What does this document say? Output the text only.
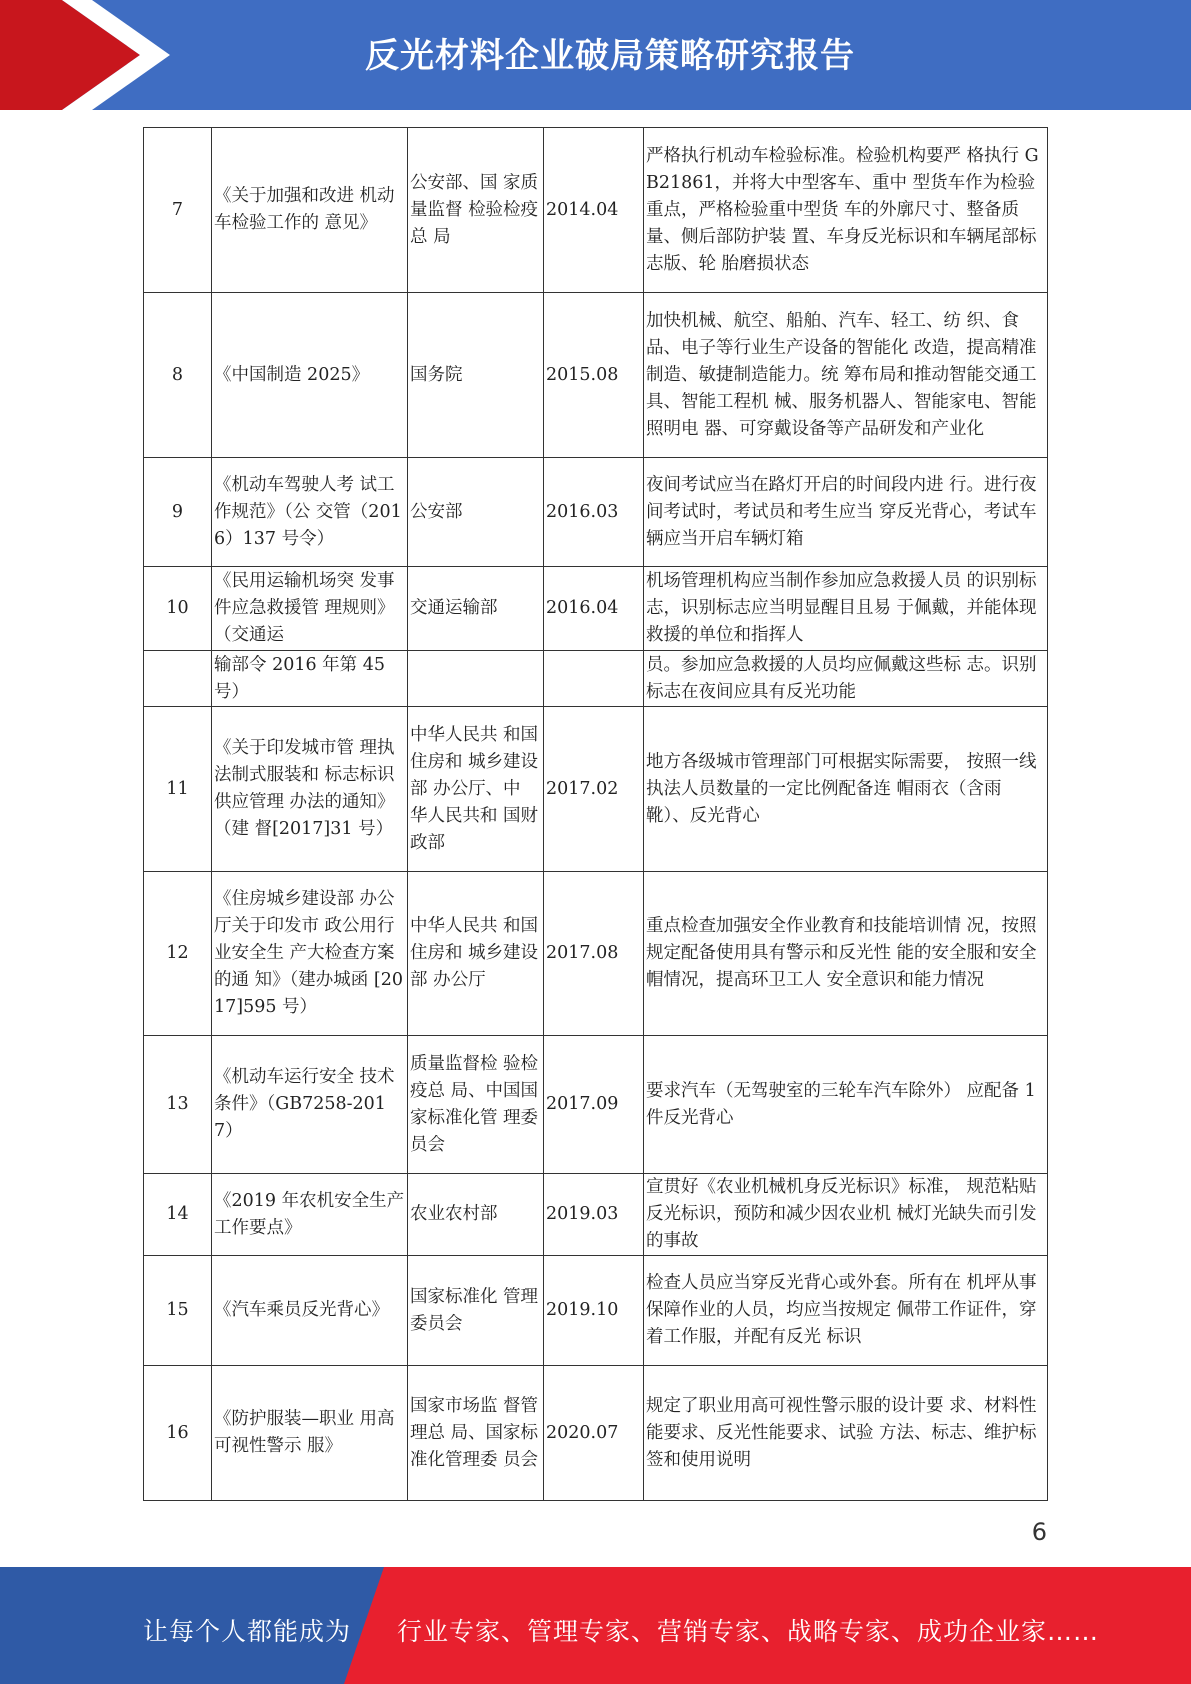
反光材料企业破局策略研究报告
7	《关于加强和改进 机动车检验工作的 意见》	公安部、国 家质量监督 检验检疫总 局	2014.04	严格执行机动车检验标准。检验机构要严 格执行 GB21861，并将大中型客车、重中 型货车作为检验重点，严格检验重中型货 车的外廓尺寸、整备质量、侧后部防护装 置、车身反光标识和车辆尾部标志版、轮 胎磨损状态
8	《中国制造 2025》	国务院	2015.08	加快机械、航空、船舶、汽车、轻工、纺 织、食品、电子等行业生产设备的智能化 改造，提高精准制造、敏捷制造能力。统 筹布局和推动智能交通工具、智能工程机 械、服务机器人、智能家电、智能照明电 器、可穿戴设备等产品研发和产业化
9	《机动车驾驶人考 试工作规范》（公 交管（2016）137 号令）	公安部	2016.03	夜间考试应当在路灯开启的时间段内进 行。进行夜间考试时，考试员和考生应当 穿反光背心，考试车辆应当开启车辆灯箱
10	《民用运输机场突 发事件应急救援管 理规则》（交通运	交通运输部	2016.04	机场管理机构应当制作参加应急救援人员 的识别标志，识别标志应当明显醒目且易 于佩戴，并能体现救援的单位和指挥人
	输部令 2016 年第 45 号）			员。参加应急救援的人员均应佩戴这些标 志。识别标志在夜间应具有反光功能
11	《关于印发城市管 理执法制式服装和 标志标识供应管理 办法的通知》（建 督[2017]31 号）	中华人民共 和国住房和 城乡建设部 办公厅、中 华人民共和 国财政部	2017.02	地方各级城市管理部门可根据实际需要， 按照一线执法人员数量的一定比例配备连 帽雨衣（含雨靴）、反光背心
12	《住房城乡建设部 办公厅关于印发市 政公用行业安全生 产大检查方案的通 知》（建办城函 [2017]595 号）	中华人民共 和国住房和 城乡建设部 办公厅	2017.08	重点检查加强安全作业教育和技能培训情 况，按照规定配备使用具有警示和反光性 能的安全服和安全帽情况，提高环卫工人 安全意识和能力情况
13	《机动车运行安全 技术条件》（GB7258-2017）	质量监督检 验检疫总 局、中国国 家标准化管 理委员会	2017.09	要求汽车（无驾驶室的三轮车汽车除外） 应配备 1 件反光背心
14	《2019 年农机安全生产工作要点》	农业农村部	2019.03	宣贯好《农业机械机身反光标识》标准， 规范粘贴反光标识，预防和减少因农业机 械灯光缺失而引发的事故
15	《汽车乘员反光背心》	国家标准化 管理委员会	2019.10	检查人员应当穿反光背心或外套。所有在 机坪从事保障作业的人员，均应当按规定 佩带工作证件，穿着工作服，并配有反光 标识
16	《防护服装—职业 用高可视性警示 服》	国家市场监 督管理总 局、国家标 准化管理委 员会	2020.07	规定了职业用高可视性警示服的设计要 求、材料性能要求、反光性能要求、试验 方法、标志、维护标签和使用说明
6
让每个人都能成为 行业专家、管理专家、营销专家、战略专家、成功企业家……
